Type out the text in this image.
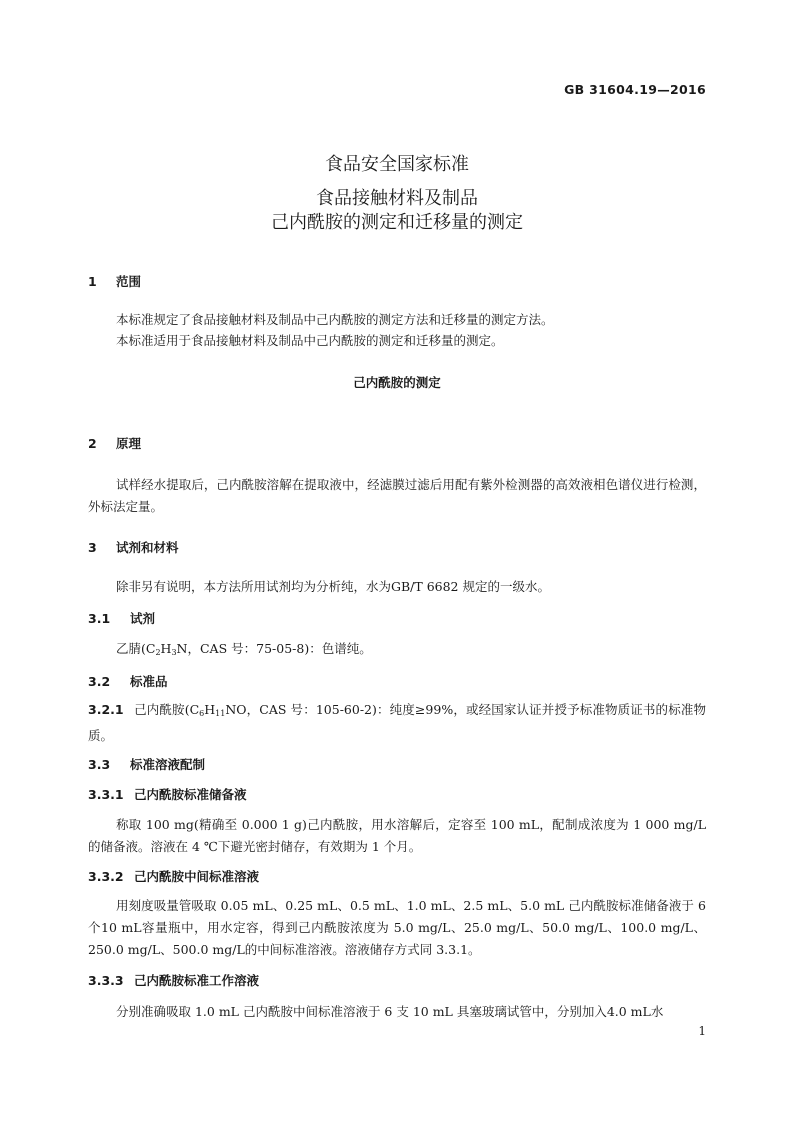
GB 31604.19—2016
食品安全国家标准
食品接触材料及制品
己内酰胺的测定和迁移量的测定
1 范围
本标准规定了食品接触材料及制品中己内酰胺的测定方法和迁移量的测定方法。
本标准适用于食品接触材料及制品中己内酰胺的测定和迁移量的测定。
己内酰胺的测定
2 原理
试样经水提取后，己内酰胺溶解在提取液中，经滤膜过滤后用配有紫外检测器的高效液相色谱仪进行检测，外标法定量。
3 试剂和材料
除非另有说明，本方法所用试剂均为分析纯，水为GB/T 6682 规定的一级水。
3.1 试剂
乙腈($C_2H_3N$，CAS 号：75-05-8)：色谱纯。
3.2 标准品
3.2.1 己内酰胺($C_6H_{11}NO$，CAS 号：105-60-2)：纯度≥99%，或经国家认证并授予标准物质证书的标准物质。
3.3 标准溶液配制
3.3.1 己内酰胺标准储备液
称取 100 mg(精确至 0.000 1 g)己内酰胺，用水溶解后，定容至 100 mL，配制成浓度为 1 000 mg/L 的储备液。溶液在 4 ℃下避光密封储存，有效期为 1 个月。
3.3.2 己内酰胺中间标准溶液
用刻度吸量管吸取 0.05 mL、0.25 mL、0.5 mL、1.0 mL、2.5 mL、5.0 mL 己内酰胺标准储备液于 6 个10 mL容量瓶中，用水定容，得到己内酰胺浓度为 5.0 mg/L、25.0 mg/L、50.0 mg/L、100.0 mg/L、250.0 mg/L、500.0 mg/L的中间标准溶液。溶液储存方式同 3.3.1。
3.3.3 己内酰胺标准工作溶液
分别准确吸取 1.0 mL 己内酰胺中间标准溶液于 6 支 10 mL 具塞玻璃试管中，分别加入4.0 mL水
1
